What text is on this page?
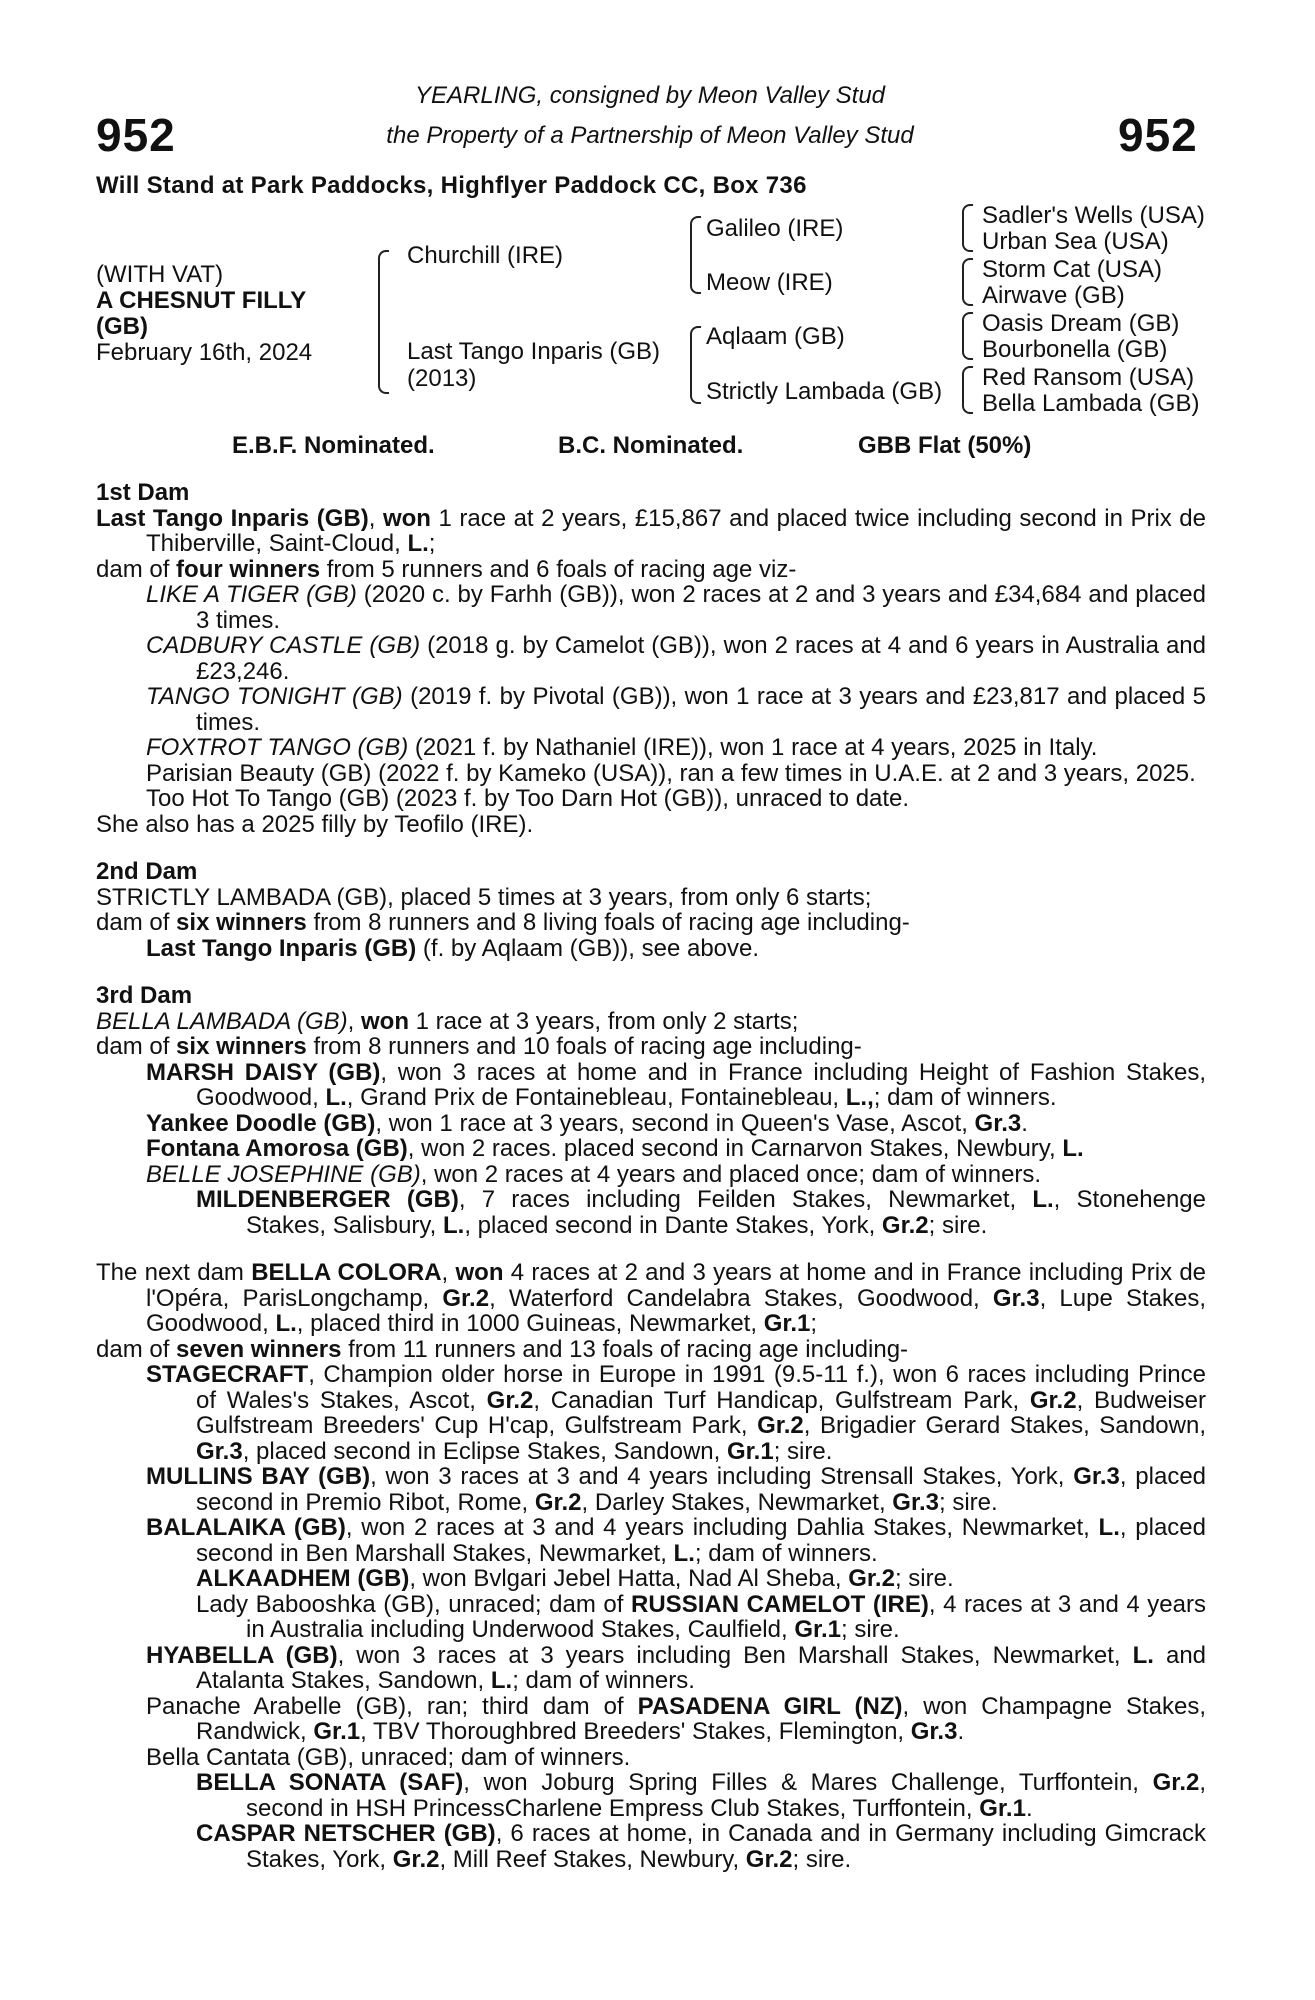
952	952
YEARLING, consigned by Meon Valley Stud
the Property of a Partnership of Meon Valley Stud
Will Stand at Park Paddocks, Highflyer Paddock CC, Box 736
(WITH VAT)
A CHESNUT FILLY
(GB)
February 16th, 2024
Churchill (IRE)
Last Tango Inparis (GB)
(2013)
Galileo (IRE)
Meow (IRE)
Aqlaam (GB)
Strictly Lambada (GB)
Sadler's Wells (USA)
Urban Sea (USA)
Storm Cat (USA)
Airwave (GB)
Oasis Dream (GB)
Bourbonella (GB)
Red Ransom (USA)
Bella Lambada (GB)
E.B.F. Nominated.	B.C. Nominated.	GBB Flat (50%)
1st Dam
Last Tango Inparis (GB), won 1 race at 2 years, £15,867 and placed twice including second in Prix de Thiberville, Saint-Cloud, L.;
dam of four winners from 5 runners and 6 foals of racing age viz-
LIKE A TIGER (GB) (2020 c. by Farhh (GB)), won 2 races at 2 and 3 years and £34,684 and placed 3 times.
CADBURY CASTLE (GB) (2018 g. by Camelot (GB)), won 2 races at 4 and 6 years in Australia and £23,246.
TANGO TONIGHT (GB) (2019 f. by Pivotal (GB)), won 1 race at 3 years and £23,817 and placed 5 times.
FOXTROT TANGO (GB) (2021 f. by Nathaniel (IRE)), won 1 race at 4 years, 2025 in Italy.
Parisian Beauty (GB) (2022 f. by Kameko (USA)), ran a few times in U.A.E. at 2 and 3 years, 2025.
Too Hot To Tango (GB) (2023 f. by Too Darn Hot (GB)), unraced to date.
She also has a 2025 filly by Teofilo (IRE).
2nd Dam
STRICTLY LAMBADA (GB), placed 5 times at 3 years, from only 6 starts;
dam of six winners from 8 runners and 8 living foals of racing age including-
Last Tango Inparis (GB) (f. by Aqlaam (GB)), see above.
3rd Dam
BELLA LAMBADA (GB), won 1 race at 3 years, from only 2 starts;
dam of six winners from 8 runners and 10 foals of racing age including-
MARSH DAISY (GB), won 3 races at home and in France including Height of Fashion Stakes, Goodwood, L., Grand Prix de Fontainebleau, Fontainebleau, L.,; dam of winners.
Yankee Doodle (GB), won 1 race at 3 years, second in Queen's Vase, Ascot, Gr.3.
Fontana Amorosa (GB), won 2 races. placed second in Carnarvon Stakes, Newbury, L.
BELLE JOSEPHINE (GB), won 2 races at 4 years and placed once; dam of winners.
MILDENBERGER (GB), 7 races including Feilden Stakes, Newmarket, L., Stonehenge Stakes, Salisbury, L., placed second in Dante Stakes, York, Gr.2; sire.
The next dam BELLA COLORA, won 4 races at 2 and 3 years at home and in France including Prix de l'Opéra, ParisLongchamp, Gr.2, Waterford Candelabra Stakes, Goodwood, Gr.3, Lupe Stakes, Goodwood, L., placed third in 1000 Guineas, Newmarket, Gr.1;
dam of seven winners from 11 runners and 13 foals of racing age including-
STAGECRAFT, Champion older horse in Europe in 1991 (9.5-11 f.), won 6 races including Prince of Wales's Stakes, Ascot, Gr.2, Canadian Turf Handicap, Gulfstream Park, Gr.2, Budweiser Gulfstream Breeders' Cup H'cap, Gulfstream Park, Gr.2, Brigadier Gerard Stakes, Sandown, Gr.3, placed second in Eclipse Stakes, Sandown, Gr.1; sire.
MULLINS BAY (GB), won 3 races at 3 and 4 years including Strensall Stakes, York, Gr.3, placed second in Premio Ribot, Rome, Gr.2, Darley Stakes, Newmarket, Gr.3; sire.
BALALAIKA (GB), won 2 races at 3 and 4 years including Dahlia Stakes, Newmarket, L., placed second in Ben Marshall Stakes, Newmarket, L.; dam of winners.
ALKAADHEM (GB), won Bvlgari Jebel Hatta, Nad Al Sheba, Gr.2; sire.
Lady Babooshka (GB), unraced; dam of RUSSIAN CAMELOT (IRE), 4 races at 3 and 4 years in Australia including Underwood Stakes, Caulfield, Gr.1; sire.
HYABELLA (GB), won 3 races at 3 years including Ben Marshall Stakes, Newmarket, L. and Atalanta Stakes, Sandown, L.; dam of winners.
Panache Arabelle (GB), ran; third dam of PASADENA GIRL (NZ), won Champagne Stakes, Randwick, Gr.1, TBV Thoroughbred Breeders' Stakes, Flemington, Gr.3.
Bella Cantata (GB), unraced; dam of winners.
BELLA SONATA (SAF), won Joburg Spring Filles & Mares Challenge, Turffontein, Gr.2, second in HSH PrincessCharlene Empress Club Stakes, Turffontein, Gr.1.
CASPAR NETSCHER (GB), 6 races at home, in Canada and in Germany including Gimcrack Stakes, York, Gr.2, Mill Reef Stakes, Newbury, Gr.2; sire.
